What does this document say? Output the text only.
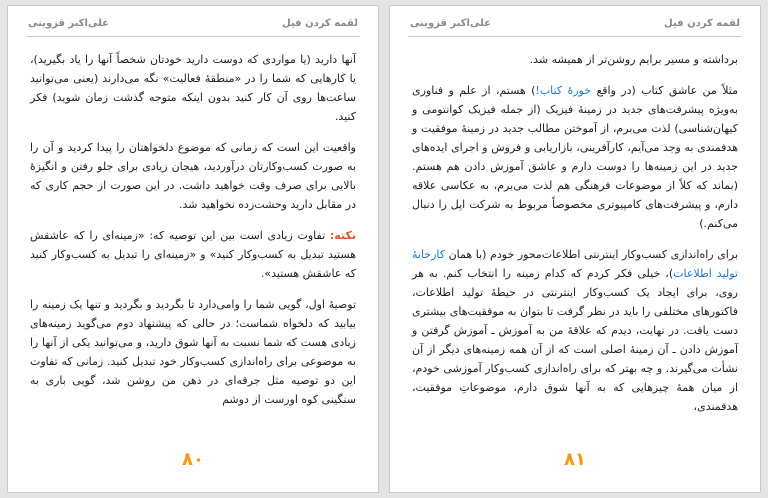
لقمه کردن فیل
علی‌اکبر قزوینی

آنها دارید (یا مواردی که دوست دارید خودتان شخصاً آنها را یاد بگیرید)، یا کارهایی که شما را در «منطقهٔ فعالیت» نگه می‌دارند (یعنی می‌توانید ساعت‌ها روی آن کار کنید بدون اینکه متوجه گذشت زمان شوید) فکر کنید.

واقعیت این است که زمانی که موضوع دلخواهتان را پیدا کردید و آن را به صورت کسب‌وکارتان درآوردید، هیجان زیادی برای جلو رفتن و انگیزهٔ بالایی برای صرف وقت خواهید داشت. در این صورت از حجم کاری که در مقابل دارید وحشت‌زده نخواهید شد.

نکته: تفاوت زیادی است بین این توصیه که: «زمینه‌ای را که عاشقش هستید تبدیل به کسب‌وکار کنید» و «زمینه‌ای را تبدیل به کسب‌وکار کنید که عاشقش هستید».

توصیهٔ اول، گویی شما را وامی‌دارد تا بگردید و بگردید و تنها یک زمینه را بیابید که دلخواه شماست؛ در حالی که پیشنهاد دوم می‌گوید زمینه‌های زیادی هست که شما نسبت به آنها شوق دارید، و می‌توانید یکی از آنها را به موضوعی برای راه‌اندازی کسب‌وکار خود تبدیل کنید. زمانی که تفاوت این دو توصیه مثل جرقه‌ای در ذهن من روشن شد، گویی باری به سنگینی کوه اورست از دوشم

۸۰
لقمه کردن فیل
علی‌اکبر قزوینی

برداشته و مسیر برایم روشن‌تر از همیشه شد.

مثلاً من عاشق کتاب (در واقع خورهٔ کتاب!) هستم، از علم و فناوری به‌ویژه پیشرفت‌های جدید در زمینهٔ فیزیک (از جمله فیزیک کوانتومی و کیهان‌شناسی) لذت می‌برم، از آموختن مطالب جدید در زمینهٔ موفقیت و هدفمندی به وجد می‌آیم، کارآفرینی، بازاریابی و فروش و اجرای ایده‌های جدید در این زمینه‌ها را دوست دارم و عاشق آموزش دادن هم هستم. (بماند که کلاً از موضوعات فرهنگی هم لذت می‌برم، به عکاسی علاقه دارم، و پیشرفت‌های کامپیوتری مخصوصاً مربوط به شرکت اپل را دنبال می‌کنم.)

برای راه‌اندازی کسب‌وکار اینترنتی اطلاعات‌محور خودم (با همان کارخانهٔ تولید اطلاعات)، خیلی فکر کردم که کدام زمینه را انتخاب کنم. به هر روی، برای ایجاد یک کسب‌وکار اینترنتی در حیطهٔ تولید اطلاعات، فاکتورهای مختلفی را باید در نظر گرفت تا بتوان به موفقیت‌های بیشتری دست یافت. در نهایت، دیدم که علاقهٔ من به آموزش ـ آموزش گرفتن و آموزش دادن ـ آن زمینهٔ اصلی است که از آن همه زمینه‌های دیگر از آن نشأت می‌گیرند. و چه بهتر که برای راه‌اندازی کسب‌وکار آموزشی خودم، از میان همهٔ چیزهایی که به آنها شوق دارم، موضوعاتِ موفقیت، هدفمندی،

۸۱
